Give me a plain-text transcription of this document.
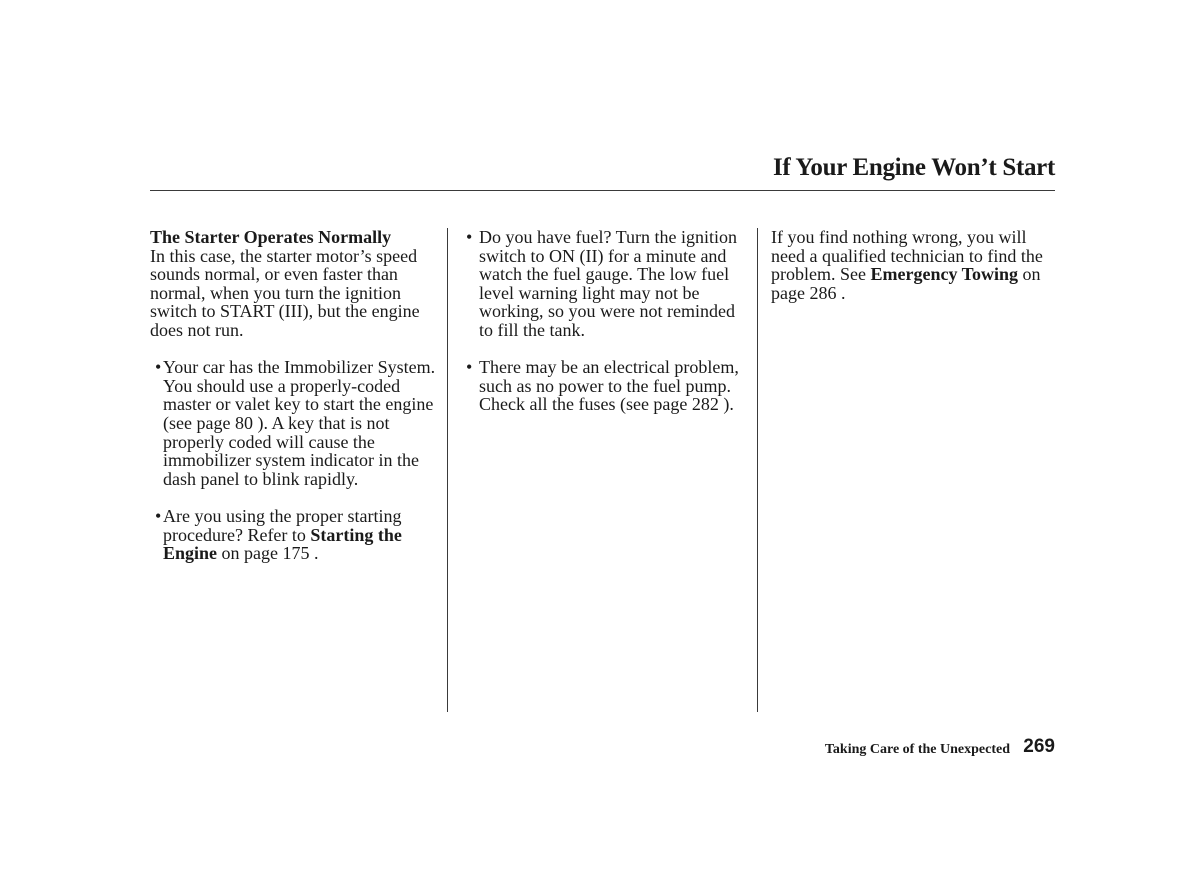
If Your Engine Won’t Start

The Starter Operates Normally
In this case, the starter motor’s speed sounds normal, or even faster than normal, when you turn the ignition switch to START (III), but the engine does not run.

• Your car has the Immobilizer System. You should use a properly-coded master or valet key to start the engine (see page 80 ). A key that is not properly coded will cause the immobilizer system indicator in the dash panel to blink rapidly.
• Are you using the proper starting procedure? Refer to Starting the Engine on page 175 .
• Do you have fuel? Turn the ignition switch to ON (II) for a minute and watch the fuel gauge. The low fuel level warning light may not be working, so you were not reminded to fill the tank.
• There may be an electrical problem, such as no power to the fuel pump. Check all the fuses (see page 282 ).

If you find nothing wrong, you will need a qualified technician to find the problem. See Emergency Towing on page 286 .

Taking Care of the Unexpected 269
